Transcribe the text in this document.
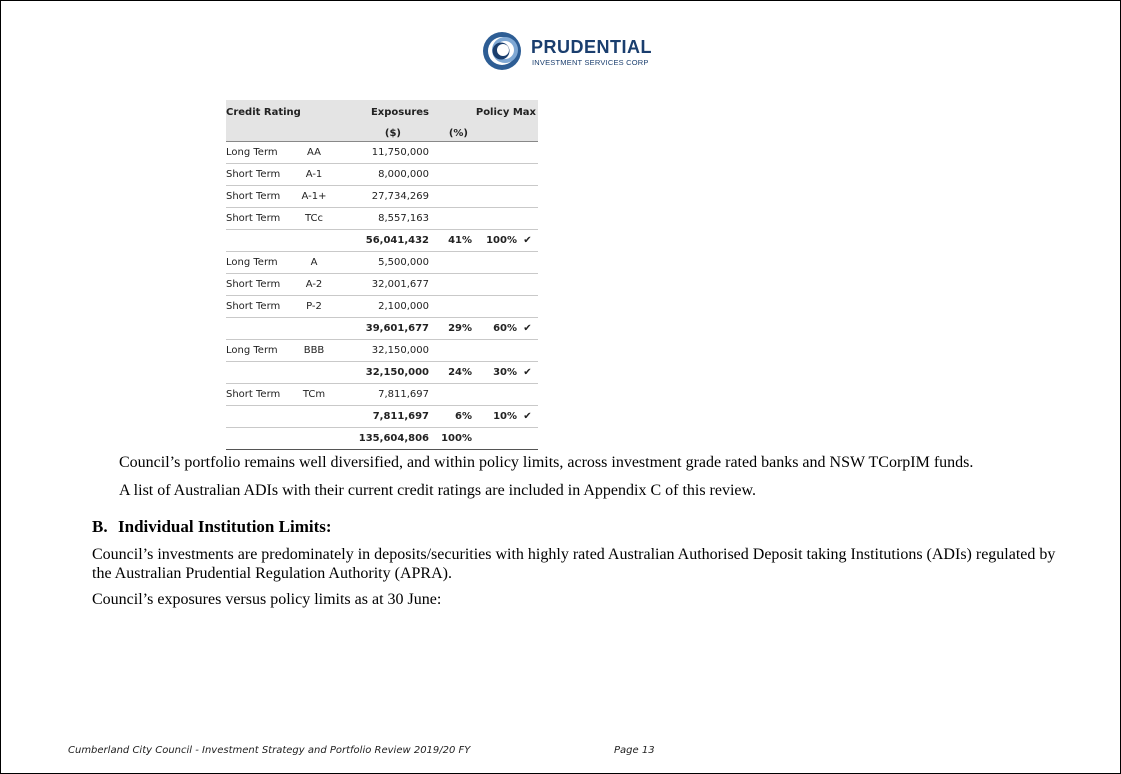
PRUDENTIAL
INVESTMENT SERVICES CORP
Credit Rating		Exposures		Policy Max	
		($)	(%)		
Long Term	AA	11,750,000			
Short Term	A-1	8,000,000			
Short Term	A-1+	27,734,269			
Short Term	TCc	8,557,163			
		56,041,432	41%	100%	✔
Long Term	A	5,500,000			
Short Term	A-2	32,001,677			
Short Term	P-2	2,100,000			
		39,601,677	29%	60%	✔
Long Term	BBB	32,150,000			
		32,150,000	24%	30%	✔
Short Term	TCm	7,811,697			
		7,811,697	6%	10%	✔
		135,604,806	100%		
Council’s portfolio remains well diversified, and within policy limits, across investment grade rated banks and NSW TCorpIM funds.
A list of Australian ADIs with their current credit ratings are included in Appendix C of this review.
B. Individual Institution Limits:
Council’s investments are predominately in deposits/securities with highly rated Australian Authorised Deposit taking Institutions (ADIs) regulated by the Australian Prudential Regulation Authority (APRA).
Council’s exposures versus policy limits as at 30 June:
Cumberland City Council - Investment Strategy and Portfolio Review 2019/20 FY	Page 13
